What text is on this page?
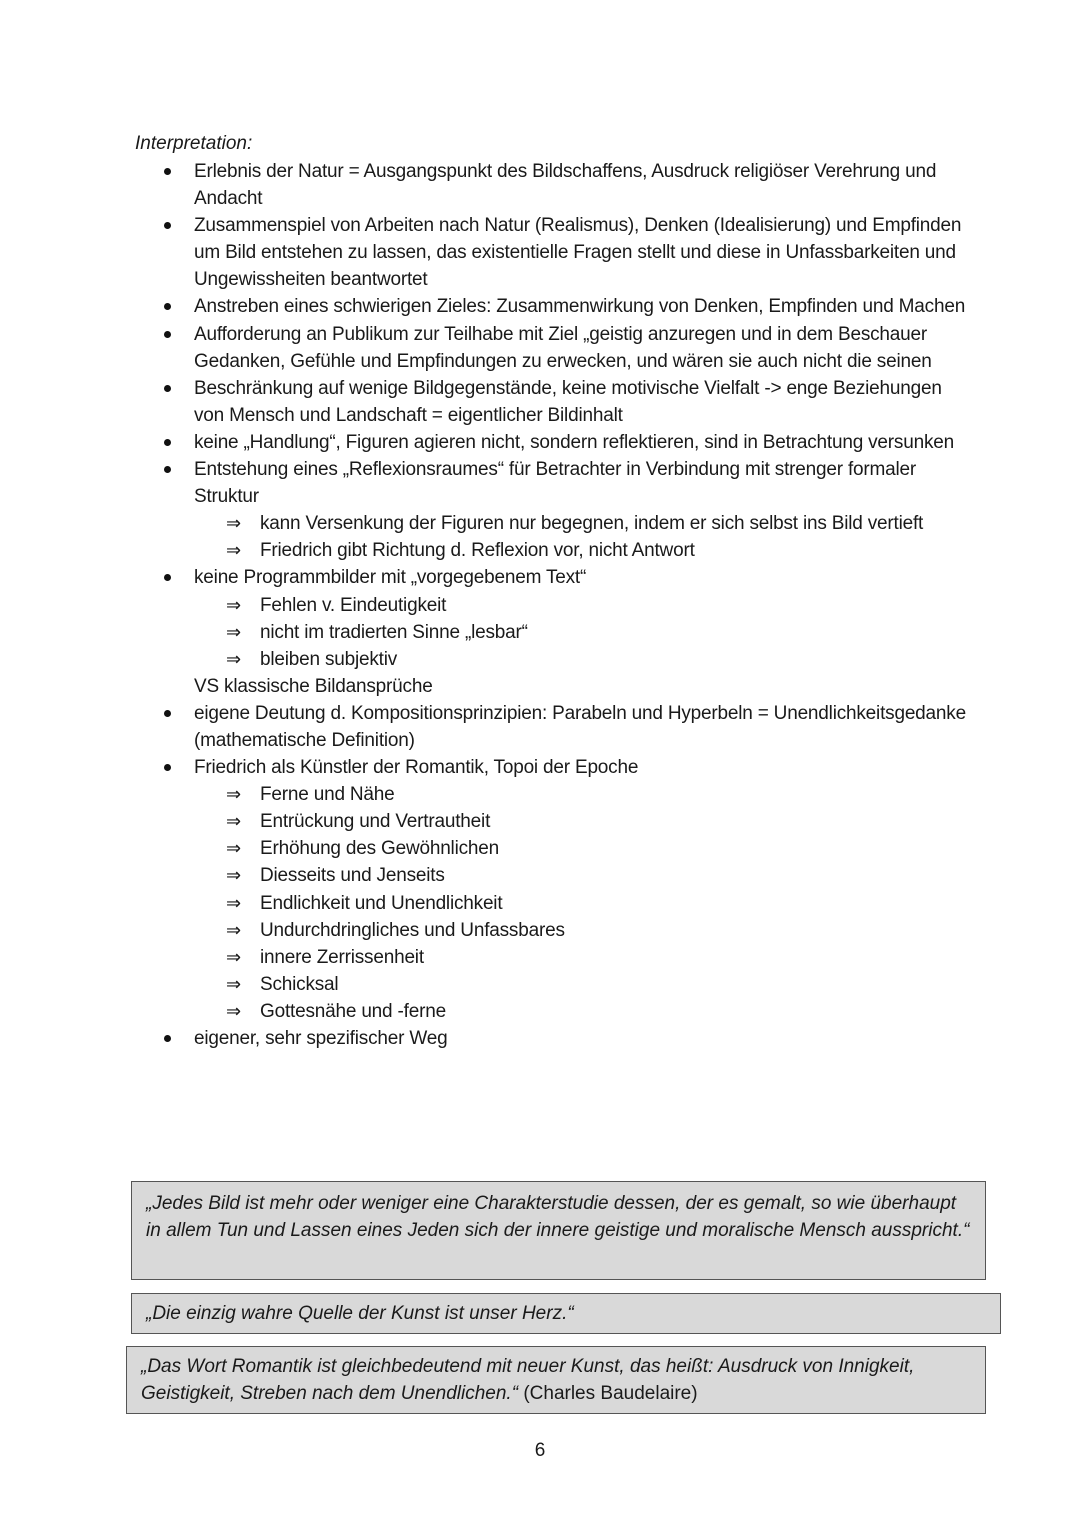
Interpretation:
Erlebnis der Natur = Ausgangspunkt des Bildschaffens, Ausdruck religiöser Verehrung und Andacht
Zusammenspiel von Arbeiten nach Natur (Realismus), Denken (Idealisierung) und Empfinden um Bild entstehen zu lassen, das existentielle Fragen stellt und diese in Unfassbarkeiten und Ungewissheiten beantwortet
Anstreben eines schwierigen Zieles: Zusammenwirkung von Denken, Empfinden und Machen
Aufforderung an Publikum zur Teilhabe mit Ziel „geistig anzuregen und in dem Beschauer Gedanken, Gefühle und Empfindungen zu erwecken, und wären sie auch nicht die seinen
Beschränkung auf wenige Bildgegenstände, keine motivische Vielfalt -> enge Beziehungen von Mensch und Landschaft = eigentlicher Bildinhalt
keine „Handlung“, Figuren agieren nicht, sondern reflektieren, sind in Betrachtung versunken
Entstehung eines „Reflexionsraumes“ für Betrachter in Verbindung mit strenger formaler Struktur
⇒ kann Versenkung der Figuren nur begegnen, indem er sich selbst ins Bild vertieft
⇒ Friedrich gibt Richtung d. Reflexion vor, nicht Antwort
keine Programmbilder mit „vorgegebenem Text“
⇒ Fehlen v. Eindeutigkeit
⇒ nicht im tradierten Sinne „lesbar“
⇒ bleiben subjektiv
VS klassische Bildansprüche
eigene Deutung d. Kompositionsprinzipien: Parabeln und Hyperbeln = Unendlichkeitsgedanke (mathematische Definition)
Friedrich als Künstler der Romantik, Topoi der Epoche
⇒ Ferne und Nähe
⇒ Entrückung und Vertrautheit
⇒ Erhöhung des Gewöhnlichen
⇒ Diesseits und Jenseits
⇒ Endlichkeit und Unendlichkeit
⇒ Undurchdringliches und Unfassbares
⇒ innere Zerrissenheit
⇒ Schicksal
⇒ Gottesnähe und -ferne
eigener, sehr spezifischer Weg
„Jedes Bild ist mehr oder weniger eine Charakterstudie dessen, der es gemalt, so wie überhaupt in allem Tun und Lassen eines Jeden sich der innere geistige und moralische Mensch ausspricht.“
„Die einzig wahre Quelle der Kunst ist unser Herz.“
„Das Wort Romantik ist gleichbedeutend mit neuer Kunst, das heißt: Ausdruck von Innigkeit, Geistigkeit, Streben nach dem Unendlichen.“ (Charles Baudelaire)
6
